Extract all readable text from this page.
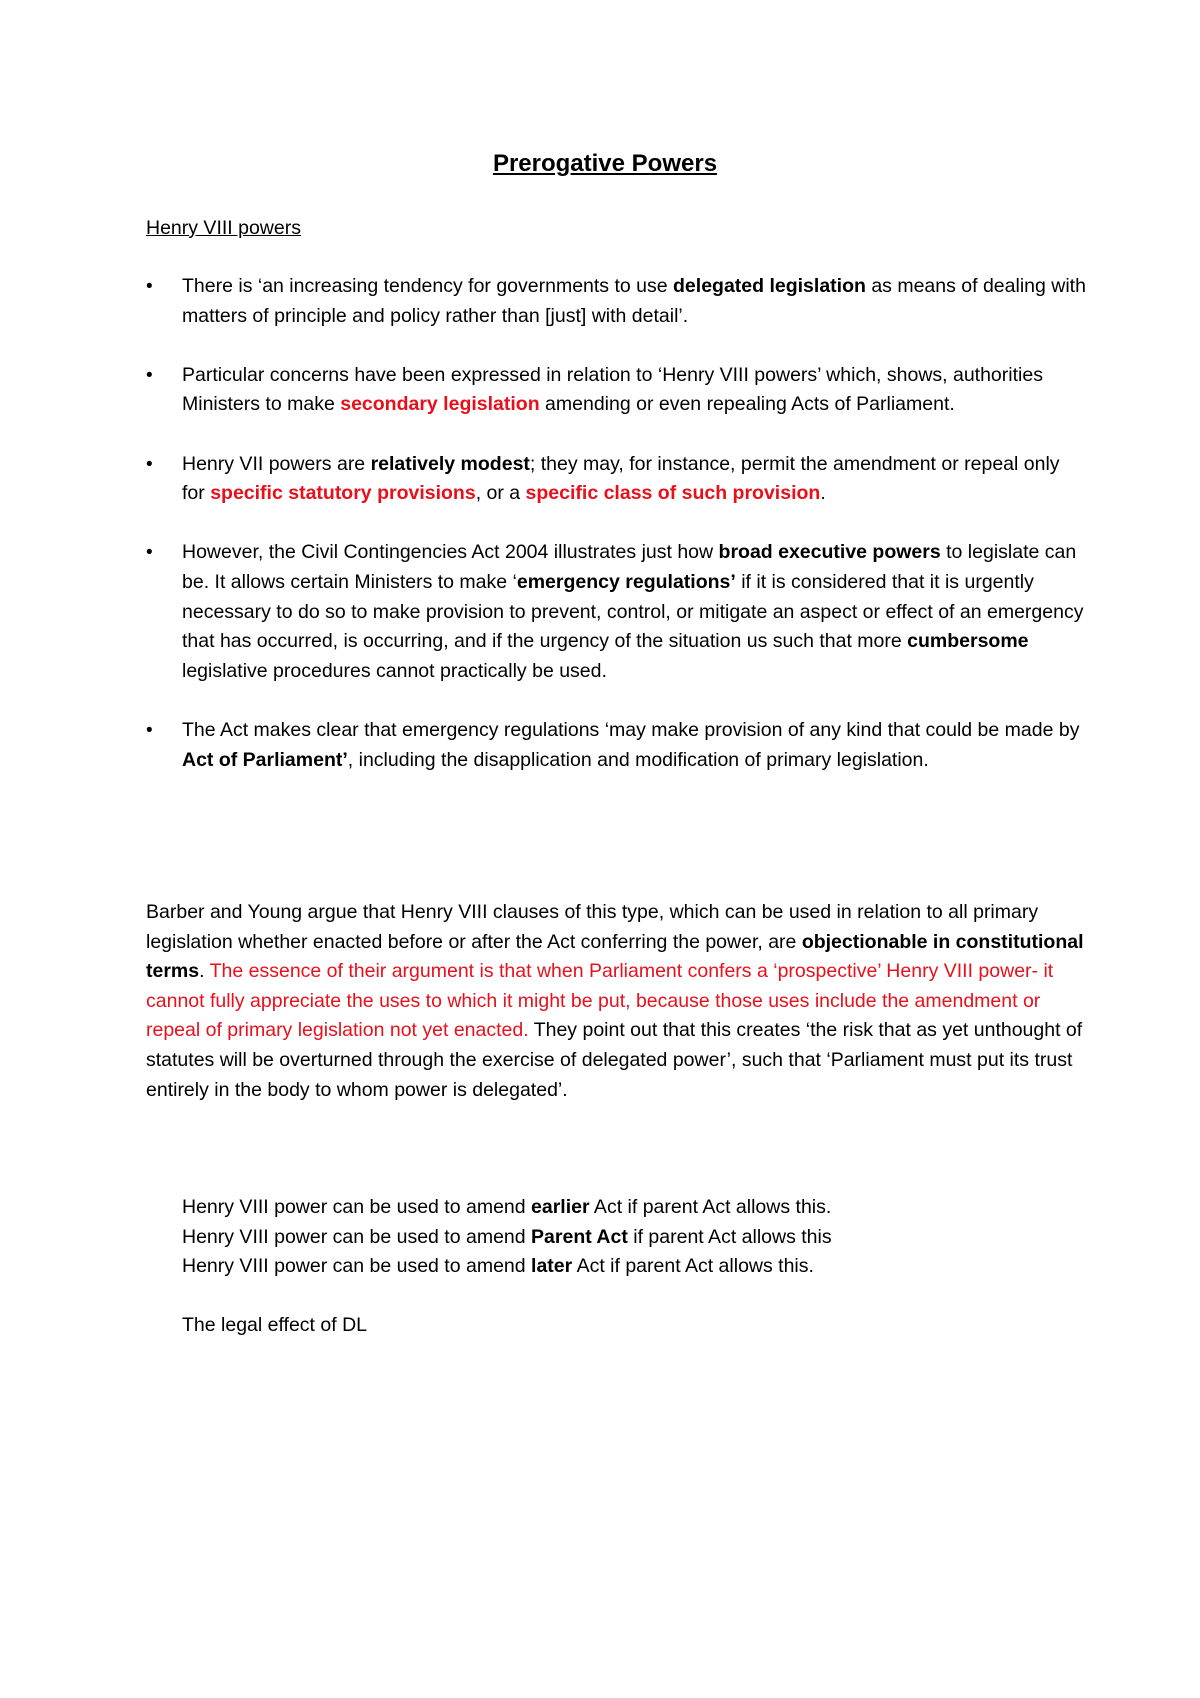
Prerogative Powers
Henry VIII powers
•	There is ‘an increasing tendency for governments to use delegated legislation as means of dealing with matters of principle and policy rather than [just] with detail’.
•	Particular concerns have been expressed in relation to ‘Henry VIII powers’ which, shows, authorities Ministers to make secondary legislation amending or even repealing Acts of Parliament.
•	Henry VII powers are relatively modest; they may, for instance, permit the amendment or repeal only for specific statutory provisions, or a specific class of such provision.
•	However, the Civil Contingencies Act 2004 illustrates just how broad executive powers to legislate can be. It allows certain Ministers to make ‘emergency regulations’ if it is considered that it is urgently necessary to do so to make provision to prevent, control, or mitigate an aspect or effect of an emergency that has occurred, is occurring, and if the urgency of the situation us such that more cumbersome legislative procedures cannot practically be used.
•	The Act makes clear that emergency regulations ‘may make provision of any kind that could be made by Act of Parliament’, including the disapplication and modification of primary legislation.
Barber and Young argue that Henry VIII clauses of this type, which can be used in relation to all primary legislation whether enacted before or after the Act conferring the power, are objectionable in constitutional terms. The essence of their argument is that when Parliament confers a ‘prospective’ Henry VIII power- it cannot fully appreciate the uses to which it might be put, because those uses include the amendment or repeal of primary legislation not yet enacted. They point out that this creates ‘the risk that as yet unthought of statutes will be overturned through the exercise of delegated power’, such that ‘Parliament must put its trust entirely in the body to whom power is delegated’.
Henry VIII power can be used to amend earlier Act if parent Act allows this.
Henry VIII power can be used to amend Parent Act if parent Act allows this
Henry VIII power can be used to amend later Act if parent Act allows this.
The legal effect of DL
